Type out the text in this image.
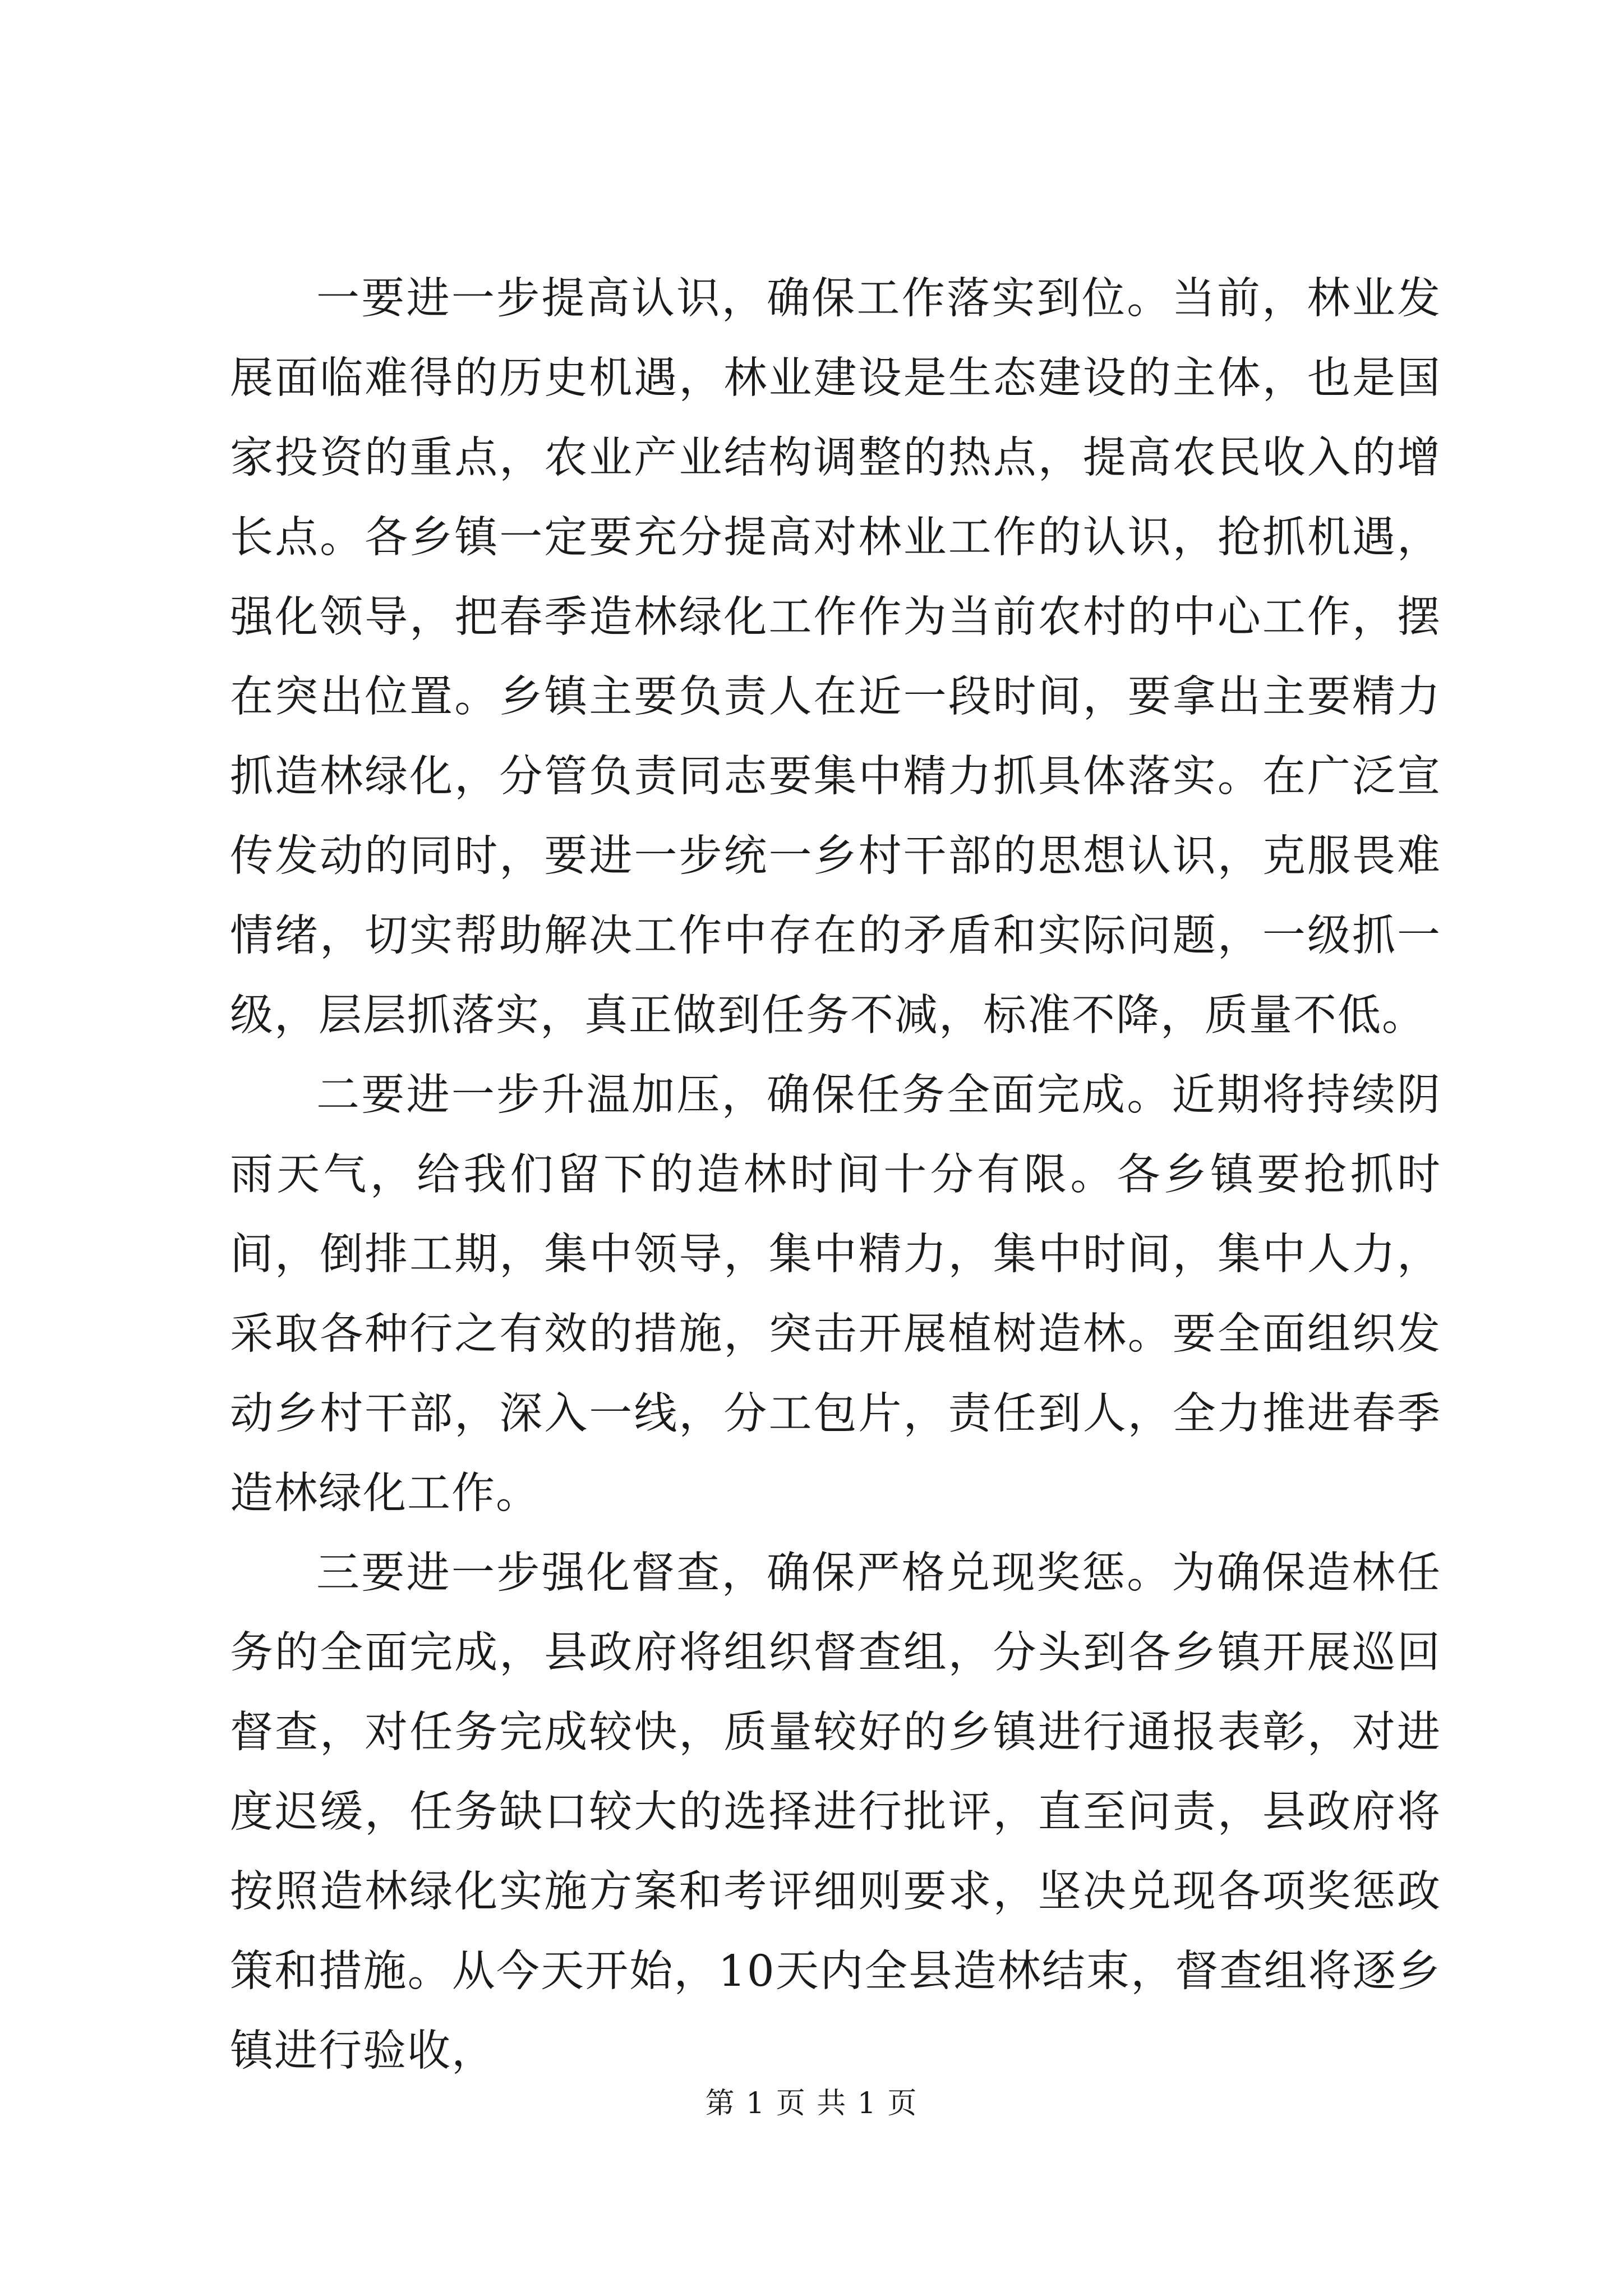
一要进一步提高认识，确保工作落实到位。当前，林业发展面临难得的历史机遇，林业建设是生态建设的主体，也是国家投资的重点，农业产业结构调整的热点，提高农民收入的增长点。各乡镇一定要充分提高对林业工作的认识，抢抓机遇，强化领导，把春季造林绿化工作作为当前农村的中心工作，摆在突出位置。乡镇主要负责人在近一段时间，要拿出主要精力抓造林绿化，分管负责同志要集中精力抓具体落实。在广泛宣传发动的同时，要进一步统一乡村干部的思想认识，克服畏难情绪，切实帮助解决工作中存在的矛盾和实际问题，一级抓一级，层层抓落实，真正做到任务不减，标准不降，质量不低。

二要进一步升温加压，确保任务全面完成。近期将持续阴雨天气，给我们留下的造林时间十分有限。各乡镇要抢抓时间，倒排工期，集中领导，集中精力，集中时间，集中人力，采取各种行之有效的措施，突击开展植树造林。要全面组织发动乡村干部，深入一线，分工包片，责任到人，全力推进春季造林绿化工作。

三要进一步强化督查，确保严格兑现奖惩。为确保造林任务的全面完成，县政府将组织督查组，分头到各乡镇开展巡回督查，对任务完成较快，质量较好的乡镇进行通报表彰，对进度迟缓，任务缺口较大的选择进行批评，直至问责，县政府将按照造林绿化实施方案和考评细则要求，坚决兑现各项奖惩政策和措施。从今天开始，10天内全县造林结束，督查组将逐乡镇进行验收，

第 1 页 共 1 页
